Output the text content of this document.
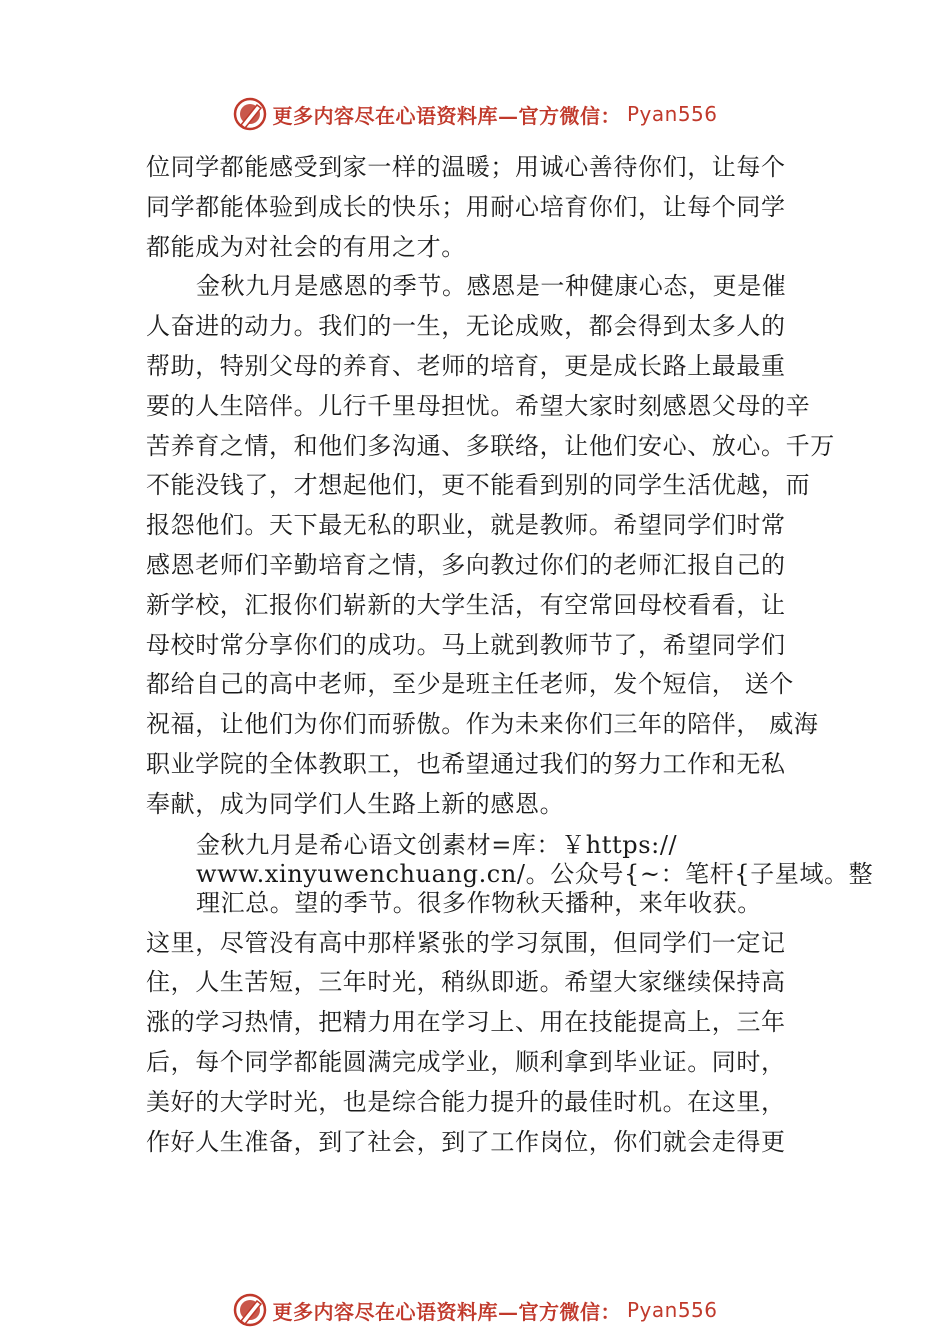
更多内容尽在心语资料库—官方微信： Pyan556
位同学都能感受到家一样的温暖；用诚心善待你们，让每个
同学都能体验到成长的快乐；用耐心培育你们，让每个同学
都能成为对社会的有用之才。
金秋九月是感恩的季节。感恩是一种健康心态，更是催
人奋进的动力。我们的一生，无论成败，都会得到太多人的
帮助，特别父母的养育、老师的培育，更是成长路上最最重
要的人生陪伴。儿行千里母担忧。希望大家时刻感恩父母的辛
苦养育之情，和他们多沟通、多联络，让他们安心、放心。千万
不能没钱了，才想起他们，更不能看到别的同学生活优越，而
报怨他们。天下最无私的职业，就是教师。希望同学们时常
感恩老师们辛勤培育之情，多向教过你们的老师汇报自己的
新学校，汇报你们崭新的大学生活，有空常回母校看看，让
母校时常分享你们的成功。马上就到教师节了，希望同学们
都给自己的高中老师，至少是班主任老师，发个短信， 送个
祝福，让他们为你们而骄傲。作为未来你们三年的陪伴， 威海
职业学院的全体教职工，也希望通过我们的努力工作和无私
奉献，成为同学们人生路上新的感恩。
金秋九月是希心语文创素材=库：￥https://
www.xinyuwenchuang.cn/。公众号{~：笔杆{子星域。整
理汇总。望的季节。很多作物秋天播种，来年收获。
这里，尽管没有高中那样紧张的学习氛围，但同学们一定记
住，人生苦短，三年时光，稍纵即逝。希望大家继续保持高
涨的学习热情，把精力用在学习上、用在技能提高上，三年
后，每个同学都能圆满完成学业，顺利拿到毕业证。同时，
美好的大学时光，也是综合能力提升的最佳时机。在这里，
作好人生准备，到了社会，到了工作岗位，你们就会走得更
更多内容尽在心语资料库—官方微信： Pyan556
